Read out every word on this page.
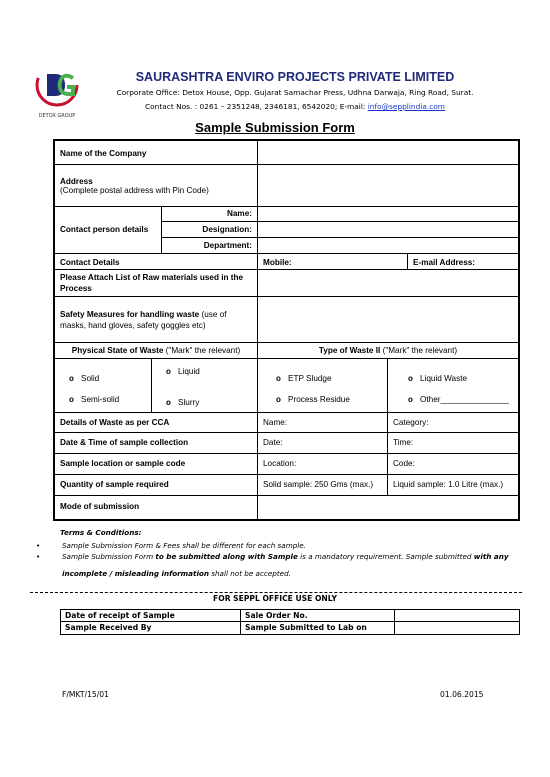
DETOX GROUP
SAURASHTRA ENVIRO PROJECTS PRIVATE LIMITED
Corporate Office: Detox House, Opp. Gujarat Samachar Press, Udhna Darwaja, Ring Road, Surat.
Contact Nos. : 0261 – 2351248, 2346181, 6542020; E-mail: info@sepplindia.com
Sample Submission Form
Name of the Company
Address
(Complete postal address with Pin Code)
Contact person details
Name:
Designation:
Department:
Contact Details	Mobile:	E-mail Address:
Please Attach List of Raw materials used in the Process
Safety Measures for handling waste (use of masks, hand gloves, safety goggles etc)
Physical State of Waste ("Mark" the relevant)	Type of Waste II ("Mark" the relevant)
o Solid
o Semi-solid
o Liquid
o Slurry
o ETP Sludge
o Process Residue
o Liquid Waste
o Other_______________
Details of Waste as per CCA	Name:	Category:
Date & Time of sample collection	Date:	Time:
Sample location or sample code	Location:	Code:
Quantity of sample required	Solid sample: 250 Gms (max.)	Liquid sample: 1.0 Litre (max.)
Mode of submission
Terms & Conditions:
•	Sample Submission Form & Fees shall be different for each sample.
•	Sample Submission Form to be submitted along with Sample is a mandatory requirement. Sample submitted with any
incomplete / misleading information shall not be accepted.
FOR SEPPL OFFICE USE ONLY
Date of receipt of Sample	Sale Order No.
Sample Received By	Sample Submitted to Lab on
F/MKT/15/01	01.06.2015
